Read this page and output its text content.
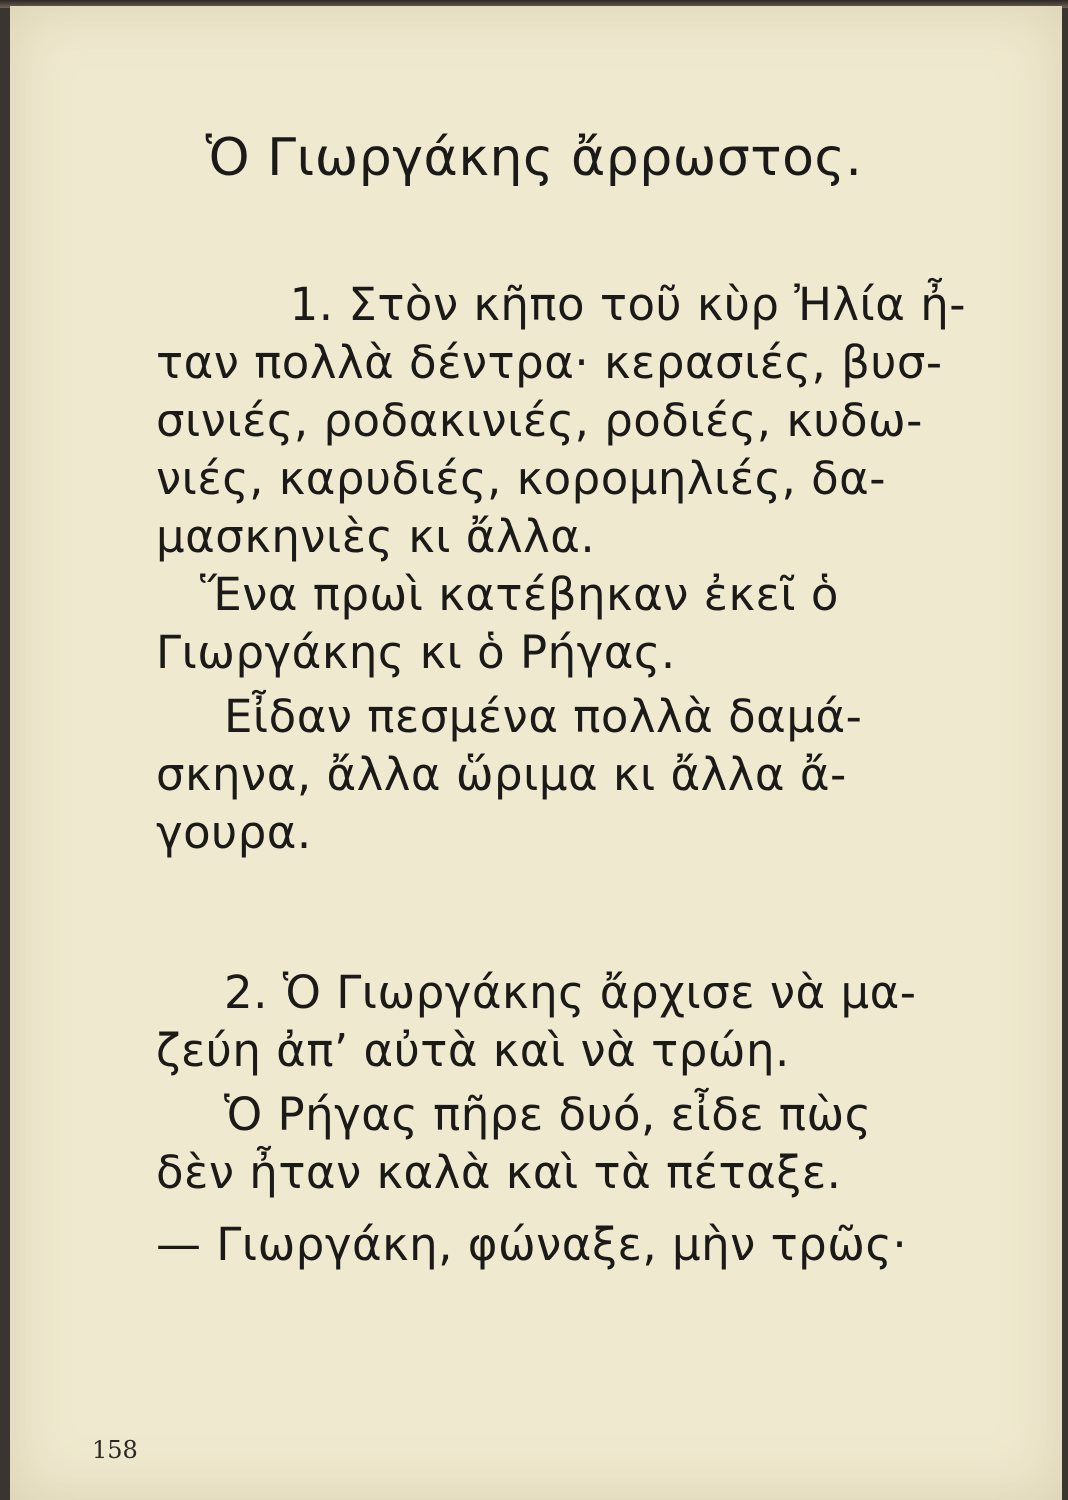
Ὁ Γιωργάκης ἄρρωστος.
1. Στὸν κῆπο τοῦ κὺρ Ἠλία ἦ-
ταν πολλὰ δέντρα· κερασιές, βυσ-
σινιές, ροδακινιές, ροδιές, κυδω-
νιές, καρυδιές, κορομηλιές, δα-
μασκηνιὲς κι ἄλλα.
Ἕνα πρωὶ κατέβηκαν ἐκεῖ ὁ
Γιωργάκης κι ὁ Ρήγας.
Εἶδαν πεσμένα πολλὰ δαμά-
σκηνα, ἄλλα ὥριμα κι ἄλλα ἄ-
γουρα.
2. Ὁ Γιωργάκης ἄρχισε νὰ μα-
ζεύη ἀπ’ αὐτὰ καὶ νὰ τρώη.
Ὁ Ρήγας πῆρε δυό, εἶδε πὼς
δὲν ἦταν καλὰ καὶ τὰ πέταξε.
— Γιωργάκη, φώναξε, μὴν τρῶς·
158
